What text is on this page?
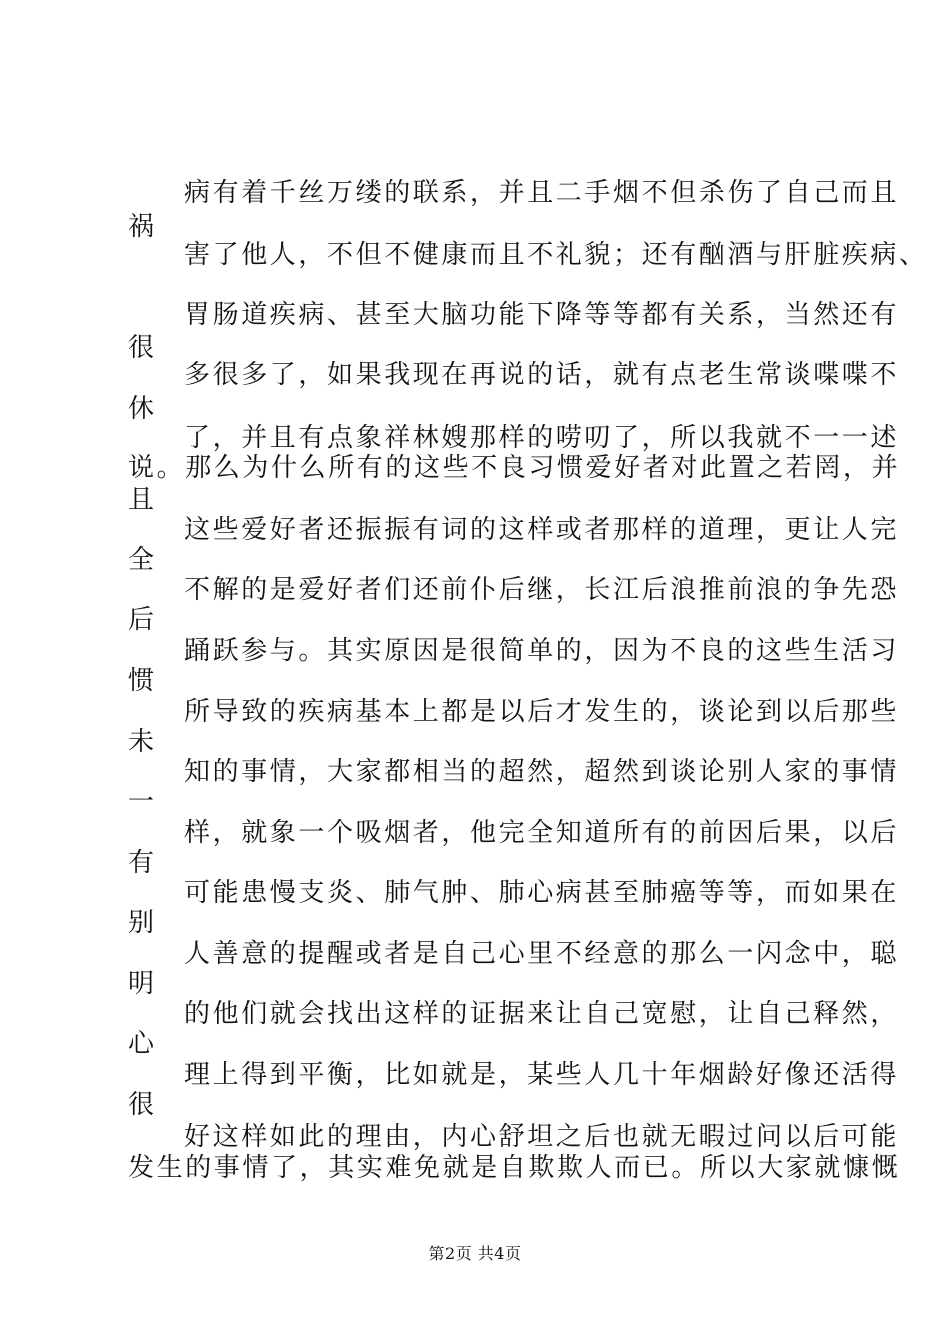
病有着千丝万缕的联系，并且二手烟不但杀伤了自己而且
祸
害了他人，不但不健康而且不礼貌；还有酗酒与肝脏疾病、
胃肠道疾病、甚至大脑功能下降等等都有关系，当然还有
很
多很多了，如果我现在再说的话，就有点老生常谈喋喋不
休
了，并且有点象祥林嫂那样的唠叨了，所以我就不一一述
说。那么为什么所有的这些不良习惯爱好者对此置之若罔，并
且
这些爱好者还振振有词的这样或者那样的道理，更让人完
全
不解的是爱好者们还前仆后继，长江后浪推前浪的争先恐
后
踊跃参与。其实原因是很简单的，因为不良的这些生活习
惯
所导致的疾病基本上都是以后才发生的，谈论到以后那些
未
知的事情，大家都相当的超然，超然到谈论别人家的事情
一
样，就象一个吸烟者，他完全知道所有的前因后果，以后
有
可能患慢支炎、肺气肿、肺心病甚至肺癌等等，而如果在
别
人善意的提醒或者是自己心里不经意的那么一闪念中，聪
明
的他们就会找出这样的证据来让自己宽慰，让自己释然，
心
理上得到平衡，比如就是，某些人几十年烟龄好像还活得
很
好这样如此的理由，内心舒坦之后也就无暇过问以后可能
发生的事情了，其实难免就是自欺欺人而已。所以大家就慷慨
第2页 共4页
